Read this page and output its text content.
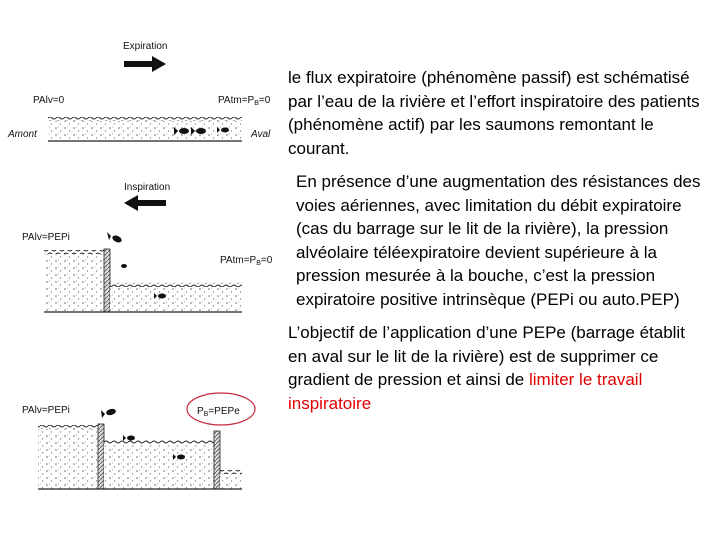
Expiration
PAlv=0	$PAtm=P_B=0$
Amont	Aval
Inspiration
PAlv=PEPi
$PAtm=P_B=0$
PAlv=PEPi	$P_B=PEPe$

le flux expiratoire (phénomène passif) est schématisé par l’eau de la rivière et l’effort inspiratoire des patients (phénomène actif) par les saumons remontant le courant.

En présence d’une augmentation des résistances des voies aériennes, avec limitation du débit expiratoire (cas du barrage sur le lit de la rivière), la pression alvéolaire téléexpiratoire devient supérieure à la pression mesurée à la bouche, c’est la pression expiratoire positive intrinsèque (PEPi ou auto.PEP)

L’objectif de l’application d’une PEPe (barrage établit en aval sur le lit de la rivière) est de supprimer ce gradient de pression et ainsi de limiter le travail inspiratoire
